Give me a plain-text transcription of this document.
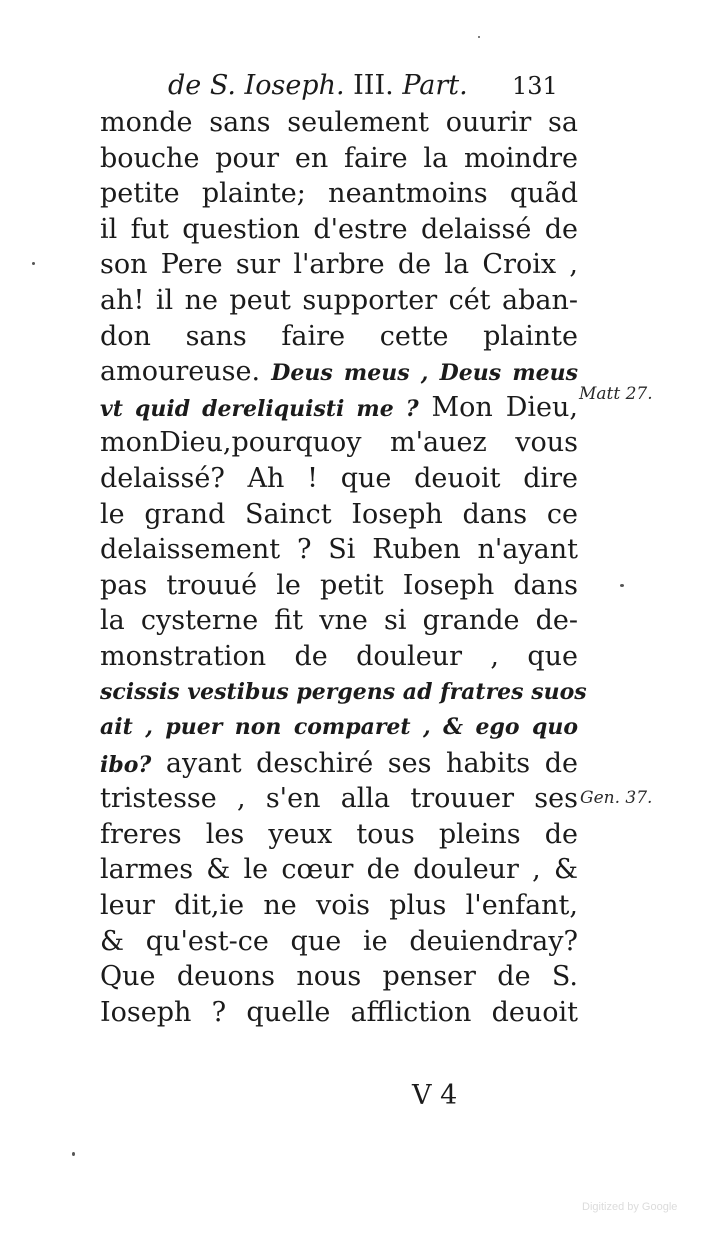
de S. Ioseph. III. Part. 131
monde sans seulement ouurir sa
bouche pour en faire la moindre
petite plainte; neantmoins quãd
il fut question d'estre delaissé de
son Pere sur l'arbre de la Croix ,
ah! il ne peut supporter cét aban-
don sans faire cette plainte
amoureuse. Deus meus , Deus meus
vt quid dereliquisti me ? Mon Dieu,
monDieu,pourquoy m'auez vous
delaissé? Ah ! que deuoit dire
le grand Sainct Ioseph dans ce
delaissement ? Si Ruben n'ayant
pas trouué le petit Ioseph dans
la cysterne fit vne si grande de-
monstration de douleur , que
scissis vestibus pergens ad fratres suos
ait , puer non comparet , & ego quo
ibo? ayant deschiré ses habits de
tristesse , s'en alla trouuer ses
freres les yeux tous pleins de
larmes & le cœur de douleur , &
leur dit,ie ne vois plus l'enfant,
& qu'est-ce que ie deuiendray?
Que deuons nous penser de S.
Ioseph ? quelle affliction deuoit
Matt 27.
Gen. 37.
V 4
Digitized by Google
